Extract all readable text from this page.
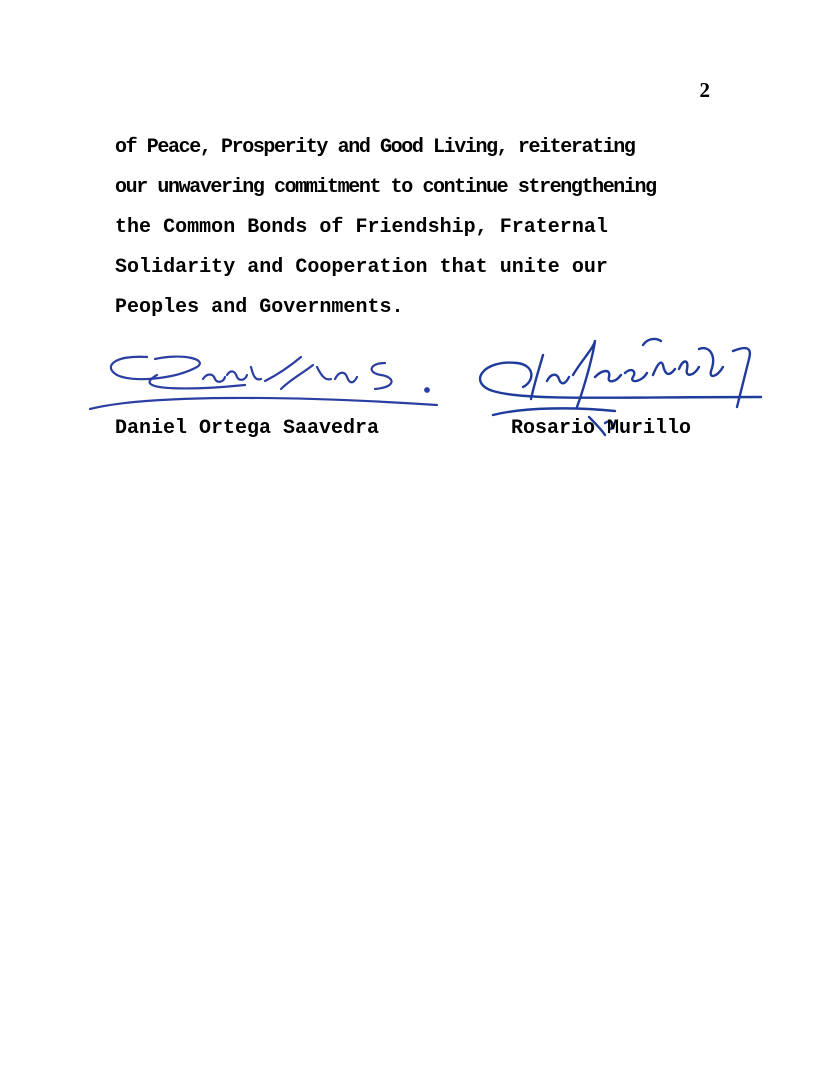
2
of Peace, Prosperity and Good Living, reiterating
our unwavering commitment to continue strengthening
the Common Bonds of Friendship, Fraternal
Solidarity and Cooperation that unite our
Peoples and Governments.
Daniel Ortega Saavedra	Rosario Murillo
